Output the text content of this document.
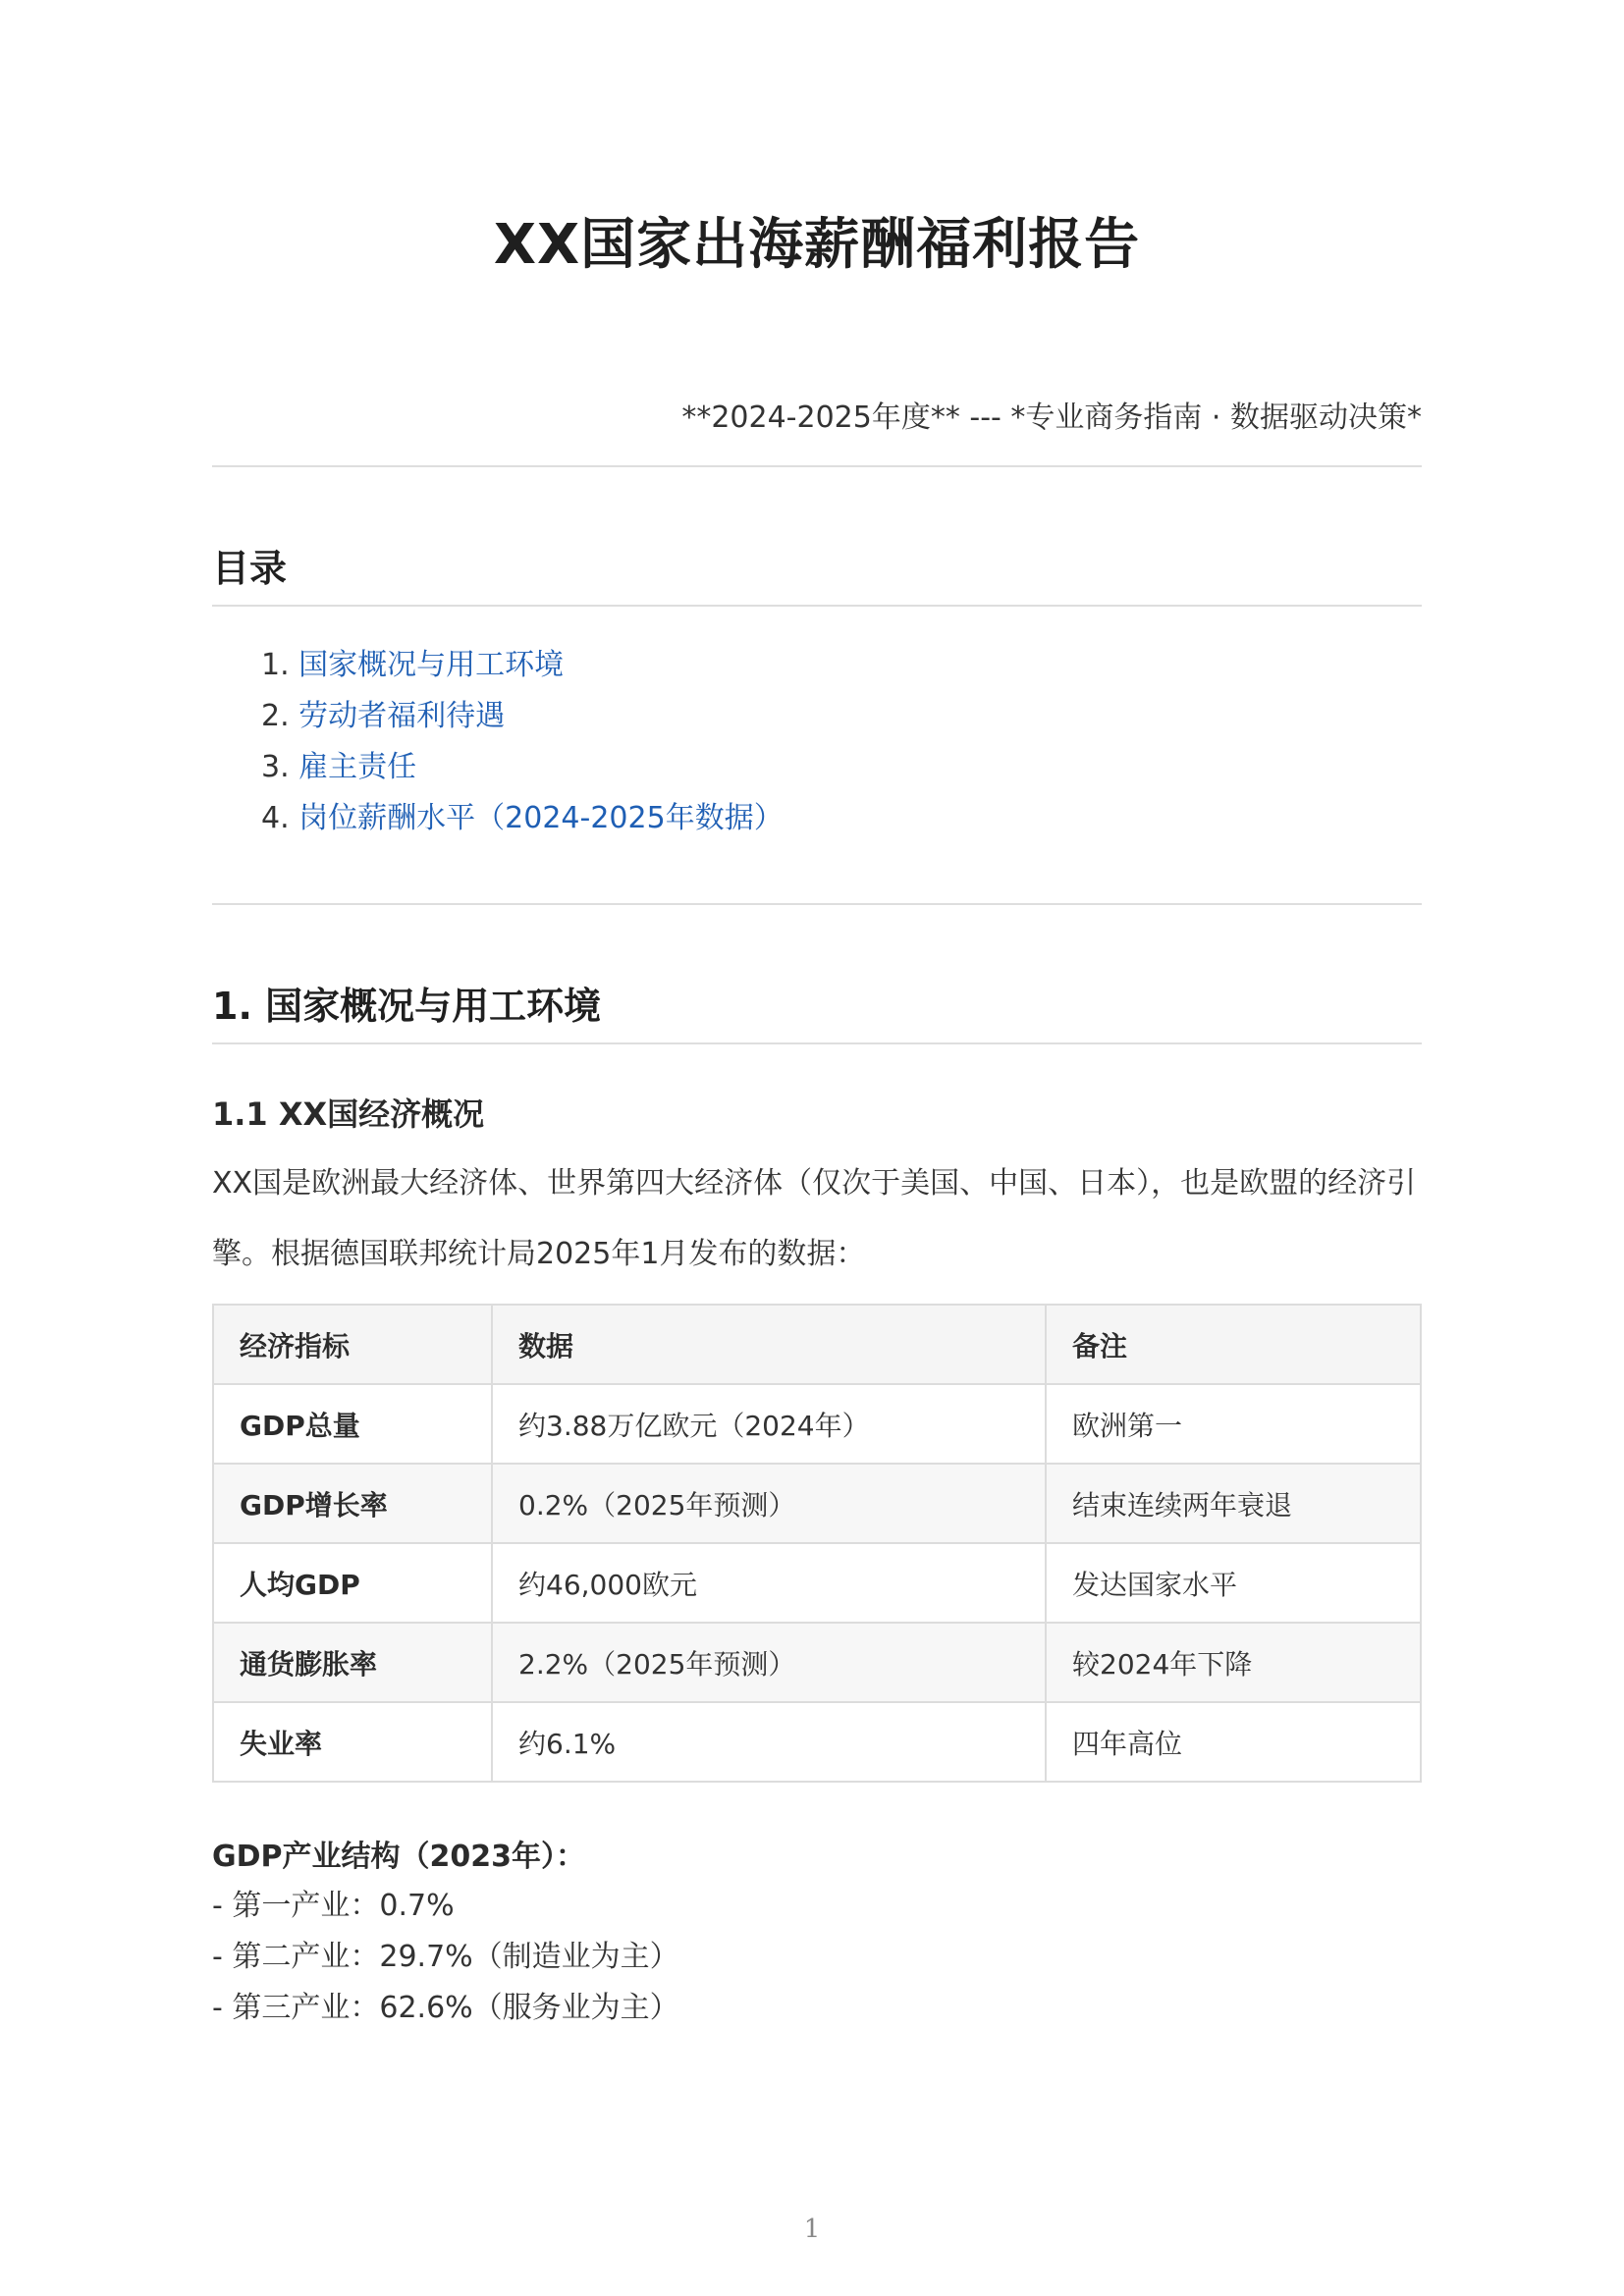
XX国家出海薪酬福利报告

**2024-2025年度** --- *专业商务指南 · 数据驱动决策*

目录
1. 国家概况与用工环境
2. 劳动者福利待遇
3. 雇主责任
4. 岗位薪酬水平（2024-2025年数据）
1. 国家概况与用工环境
1.1 XX国经济概况

XX国是欧洲最大经济体、世界第四大经济体（仅次于美国、中国、日本），也是欧盟的经济引擎。根据德国联邦统计局2025年1月发布的数据：

经济指标	数据	备注
GDP总量	约3.88万亿欧元（2024年）	欧洲第一
GDP增长率	0.2%（2025年预测）	结束连续两年衰退
人均GDP	约46,000欧元	发达国家水平
通货膨胀率	2.2%（2025年预测）	较2024年下降
失业率	约6.1%	四年高位

GDP产业结构（2023年）：

- 第一产业：0.7%
- 第二产业：29.7%（制造业为主）
- 第三产业：62.6%（服务业为主）
1
